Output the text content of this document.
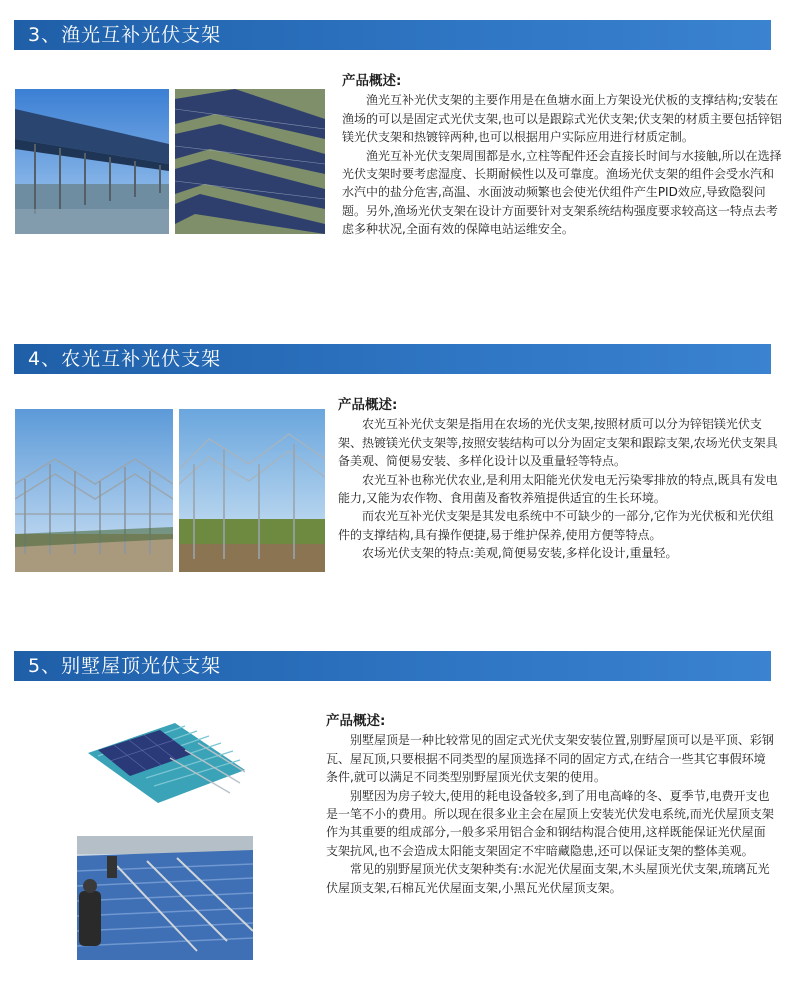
3、渔光互补光伏支架
产品概述:

渔光互补光伏支架的主要作用是在鱼塘水面上方架设光伏板的支撑结构;安装在渔场的可以是固定式光伏支架,也可以是跟踪式光伏支架;伏支架的材质主要包括锌铝镁光伏支架和热镀锌两种,也可以根据用户实际应用进行材质定制。

渔光互补光伏支架周围都是水,立柱等配件还会直接长时间与水接触,所以在选择光伏支架时要考虑湿度、长期耐候性以及可靠度。渔场光伏支架的组件会受水汽和水汽中的盐分危害,高温、水面波动频繁也会使光伏组件产生PID效应,导致隐裂问题。另外,渔场光伏支架在设计方面要针对支架系统结构强度要求较高这一特点去考虑多种状况,全面有效的保障电站运维安全。

4、农光互补光伏支架
产品概述:

农光互补光伏支架是指用在农场的光伏支架,按照材质可以分为锌铝镁光伏支架、热镀镁光伏支架等,按照安装结构可以分为固定支架和跟踪支架,农场光伏支架具备美观、简便易安装、多样化设计以及重量轻等特点。

农光互补也称光伏农业,是利用太阳能光伏发电无污染零排放的特点,既具有发电能力,又能为农作物、食用菌及畜牧养殖提供适宜的生长环境。

而农光互补光伏支架是其发电系统中不可缺少的一部分,它作为光伏板和光伏组件的支撑结构,具有操作便捷,易于维护保养,使用方便等特点。

农场光伏支架的特点:美观,简便易安装,多样化设计,重量轻。

5、别墅屋顶光伏支架
产品概述:

别墅屋顶是一种比较常见的固定式光伏支架安装位置,别野屋顶可以是平顶、彩钢瓦、屋瓦顶,只要根据不同类型的屋顶选择不同的固定方式,在结合一些其它事假环境条件,就可以满足不同类型别野屋顶光伏支架的使用。

别墅因为房子较大,使用的耗电设备较多,到了用电高峰的冬、夏季节,电费开支也是一笔不小的费用。所以现在很多业主会在屋顶上安装光伏发电系统,而光伏屋顶支架作为其重要的组成部分,一般多采用铝合金和钢结构混合使用,这样既能保证光伏屋面支架抗风,也不会造成太阳能支架固定不牢暗藏隐患,还可以保证支架的整体美观。

常见的别野屋顶光伏支架种类有:水泥光伏屋面支架,木头屋顶光伏支架,琉璃瓦光伏屋顶支架,石棉瓦光伏屋面支架,小黑瓦光伏屋顶支架。
